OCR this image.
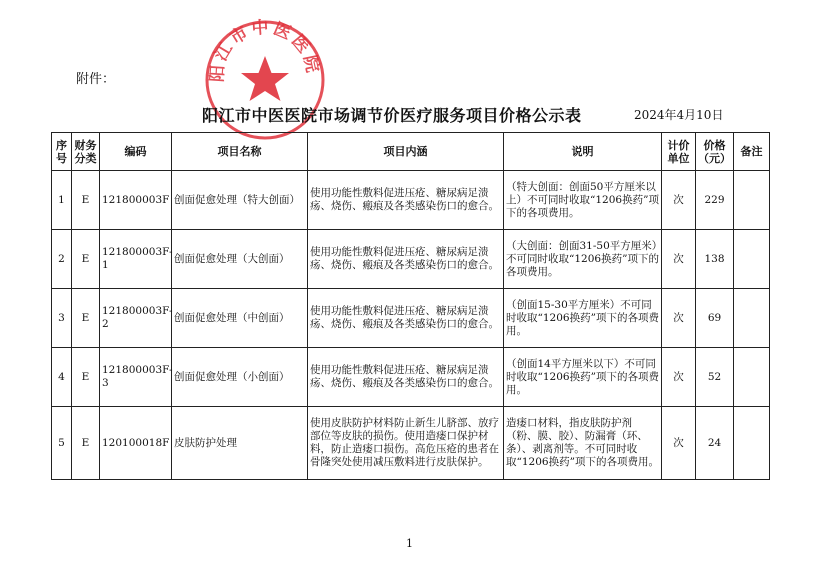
附件：	阳江市中医医院
阳江市中医医院市场调节价医疗服务项目价格公示表	2024年4月10日
序号	财务分类	编码	项目名称	项目内涵	说明	计价单位	价格（元）	备注
1	E	121800003F	创面促愈处理（特大创面）	使用功能性敷料促进压疮、糖尿病足溃疡、烧伤、瘢痕及各类感染伤口的愈合。	（特大创面：创面50平方厘米以上）不可同时收取“1206换药”项下的各项费用。	次	229	
2	E	121800003F-1	创面促愈处理（大创面）	使用功能性敷料促进压疮、糖尿病足溃疡、烧伤、瘢痕及各类感染伤口的愈合。	（大创面：创面31-50平方厘米）不可同时收取“1206换药”项下的各项费用。	次	138	
3	E	121800003F-2	创面促愈处理（中创面）	使用功能性敷料促进压疮、糖尿病足溃疡、烧伤、瘢痕及各类感染伤口的愈合。	（创面15-30平方厘米）不可同时收取“1206换药”项下的各项费用。	次	69	
4	E	121800003F-3	创面促愈处理（小创面）	使用功能性敷料促进压疮、糖尿病足溃疡、烧伤、瘢痕及各类感染伤口的愈合。	（创面14平方厘米以下）不可同时收取“1206换药”项下的各项费用。	次	52	
5	E	120100018F	皮肤防护处理	使用皮肤防护材料防止新生儿脐部、放疗部位等皮肤的损伤。使用造瘘口保护材料，防止造瘘口损伤。高危压疮的患者在骨隆突处使用减压敷料进行皮肤保护。	造瘘口材料，指皮肤防护剂（粉、膜、胶）、防漏膏（环、条）、剥离剂等。不可同时收取“1206换药”项下的各项费用。	次	24	
1
